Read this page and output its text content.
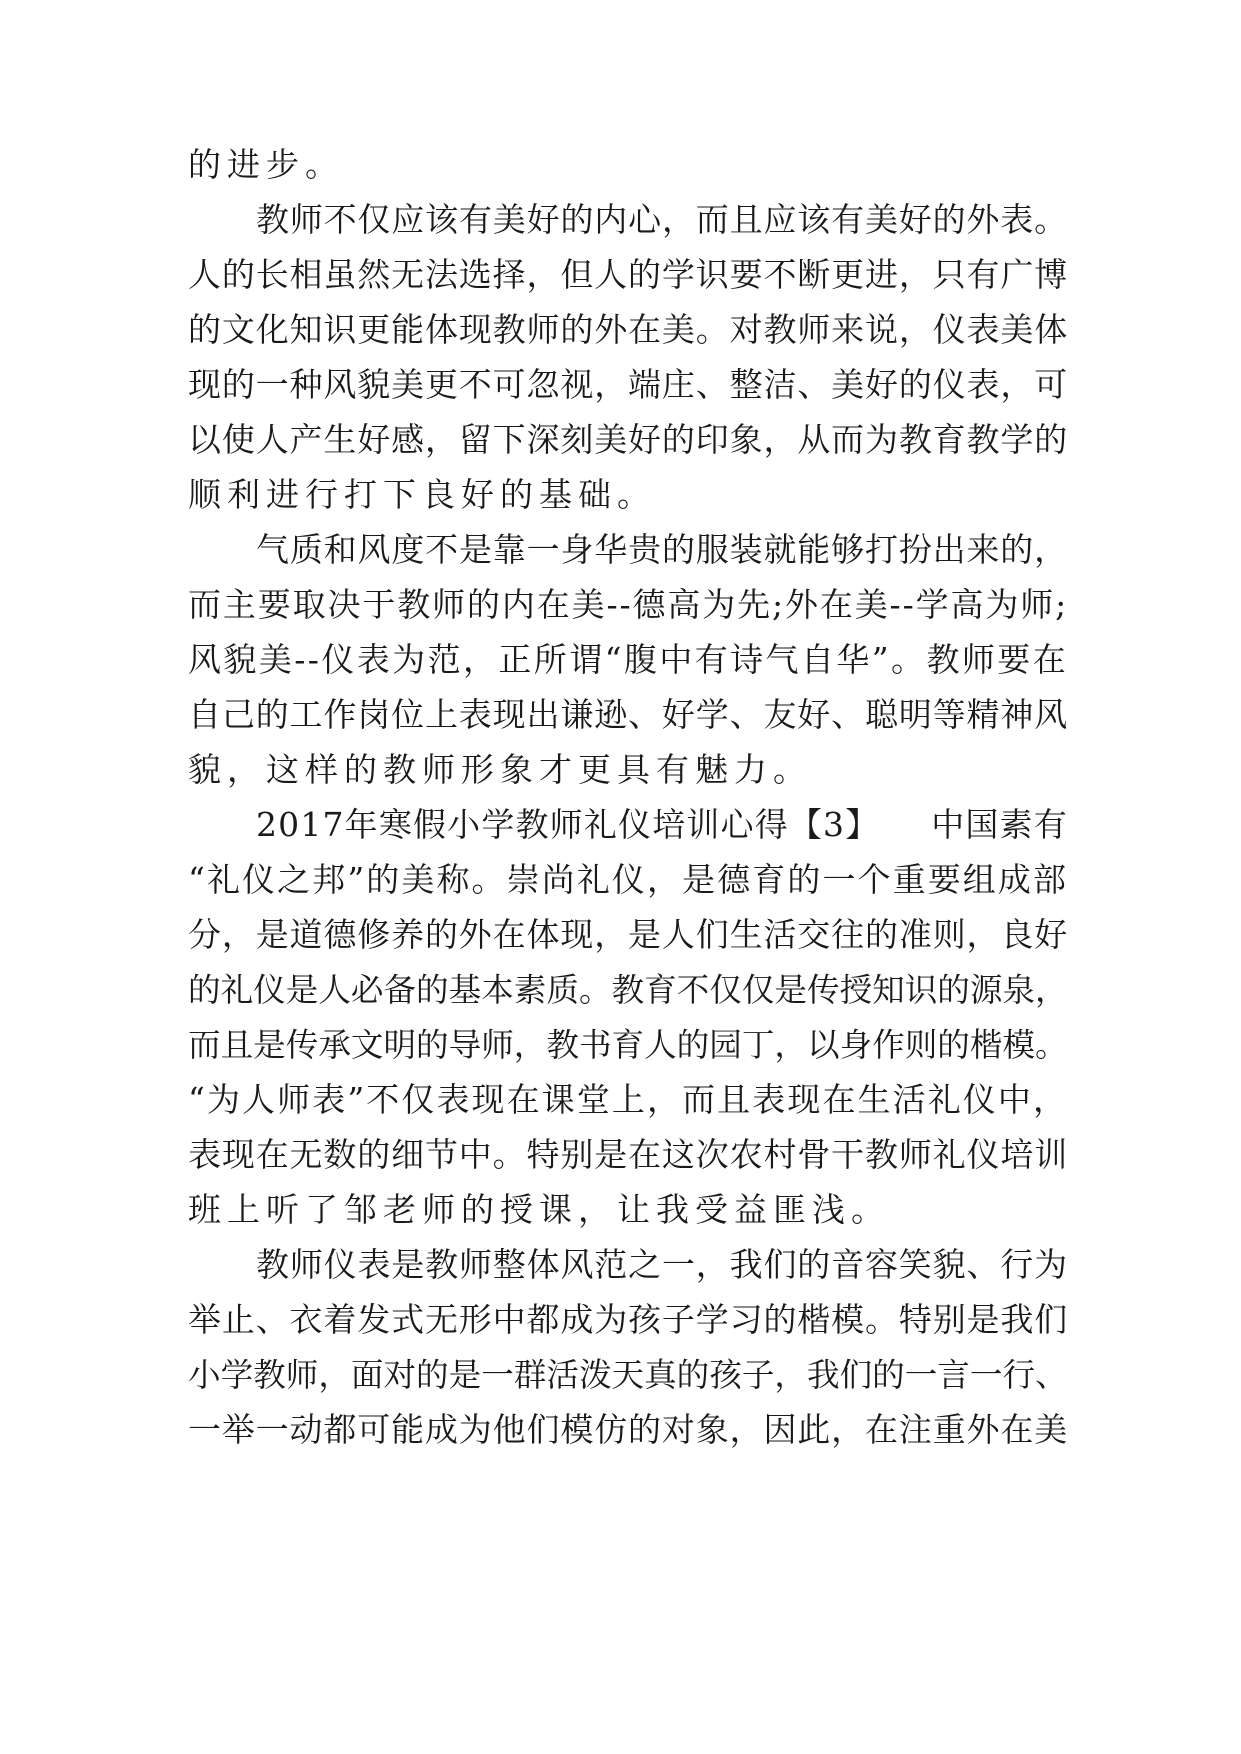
的进步。
教师不仅应该有美好的内心，而且应该有美好的外表。
人的长相虽然无法选择，但人的学识要不断更进，只有广博
的文化知识更能体现教师的外在美。对教师来说，仪表美体
现的一种风貌美更不可忽视，端庄、整洁、美好的仪表，可
以使人产生好感，留下深刻美好的印象，从而为教育教学的
顺利进行打下良好的基础。
气质和风度不是靠一身华贵的服装就能够打扮出来的，
而主要取决于教师的内在美--德高为先;外在美--学高为师;
风貌美--仪表为范，正所谓“腹中有诗气自华”。教师要在
自己的工作岗位上表现出谦逊、好学、友好、聪明等精神风
貌，这样的教师形象才更具有魅力。
2017年寒假小学教师礼仪培训心得【3】　　中国素有
“礼仪之邦”的美称。崇尚礼仪，是德育的一个重要组成部
分，是道德修养的外在体现，是人们生活交往的准则，良好
的礼仪是人必备的基本素质。教育不仅仅是传授知识的源泉，
而且是传承文明的导师，教书育人的园丁，以身作则的楷模。
“为人师表”不仅表现在课堂上，而且表现在生活礼仪中，
表现在无数的细节中。特别是在这次农村骨干教师礼仪培训
班上听了邹老师的授课，让我受益匪浅。
教师仪表是教师整体风范之一，我们的音容笑貌、行为
举止、衣着发式无形中都成为孩子学习的楷模。特别是我们
小学教师，面对的是一群活泼天真的孩子，我们的一言一行、
一举一动都可能成为他们模仿的对象，因此，在注重外在美
